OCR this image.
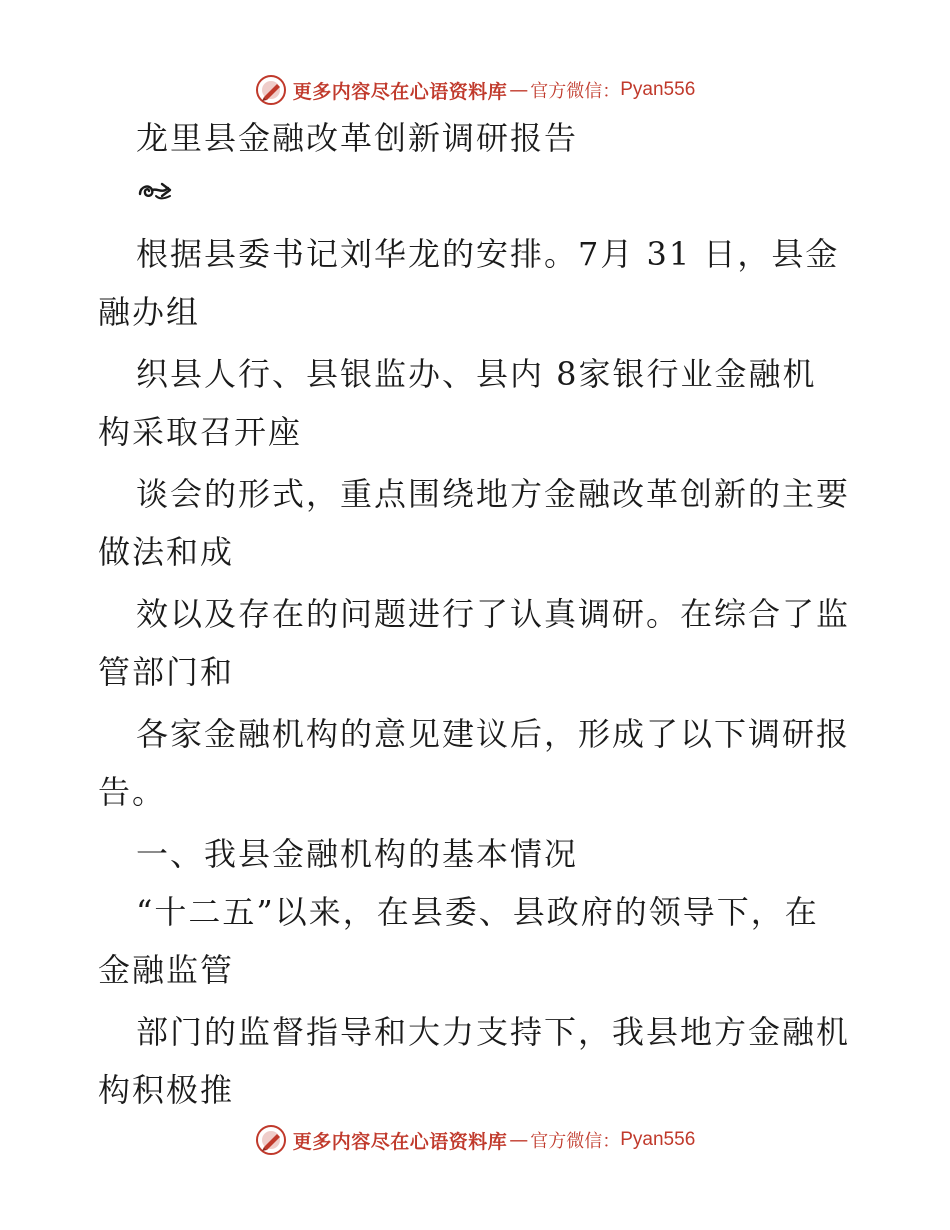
更多内容尽在心语资料库 — 官方微信： Pyan556
龙里县金融改革创新调研报告
根据县委书记刘华龙的安排。7月 31 日，县金
融办组
织县人行、县银监办、县内 8家银行业金融机
构采取召开座
谈会的形式，重点围绕地方金融改革创新的主要
做法和成
效以及存在的问题进行了认真调研。在综合了监
管部门和
各家金融机构的意见建议后，形成了以下调研报
告。
一、我县金融机构的基本情况
“十二五”以来，在县委、县政府的领导下，在
金融监管
部门的监督指导和大力支持下，我县地方金融机
构积极推
更多内容尽在心语资料库 — 官方微信： Pyan556
